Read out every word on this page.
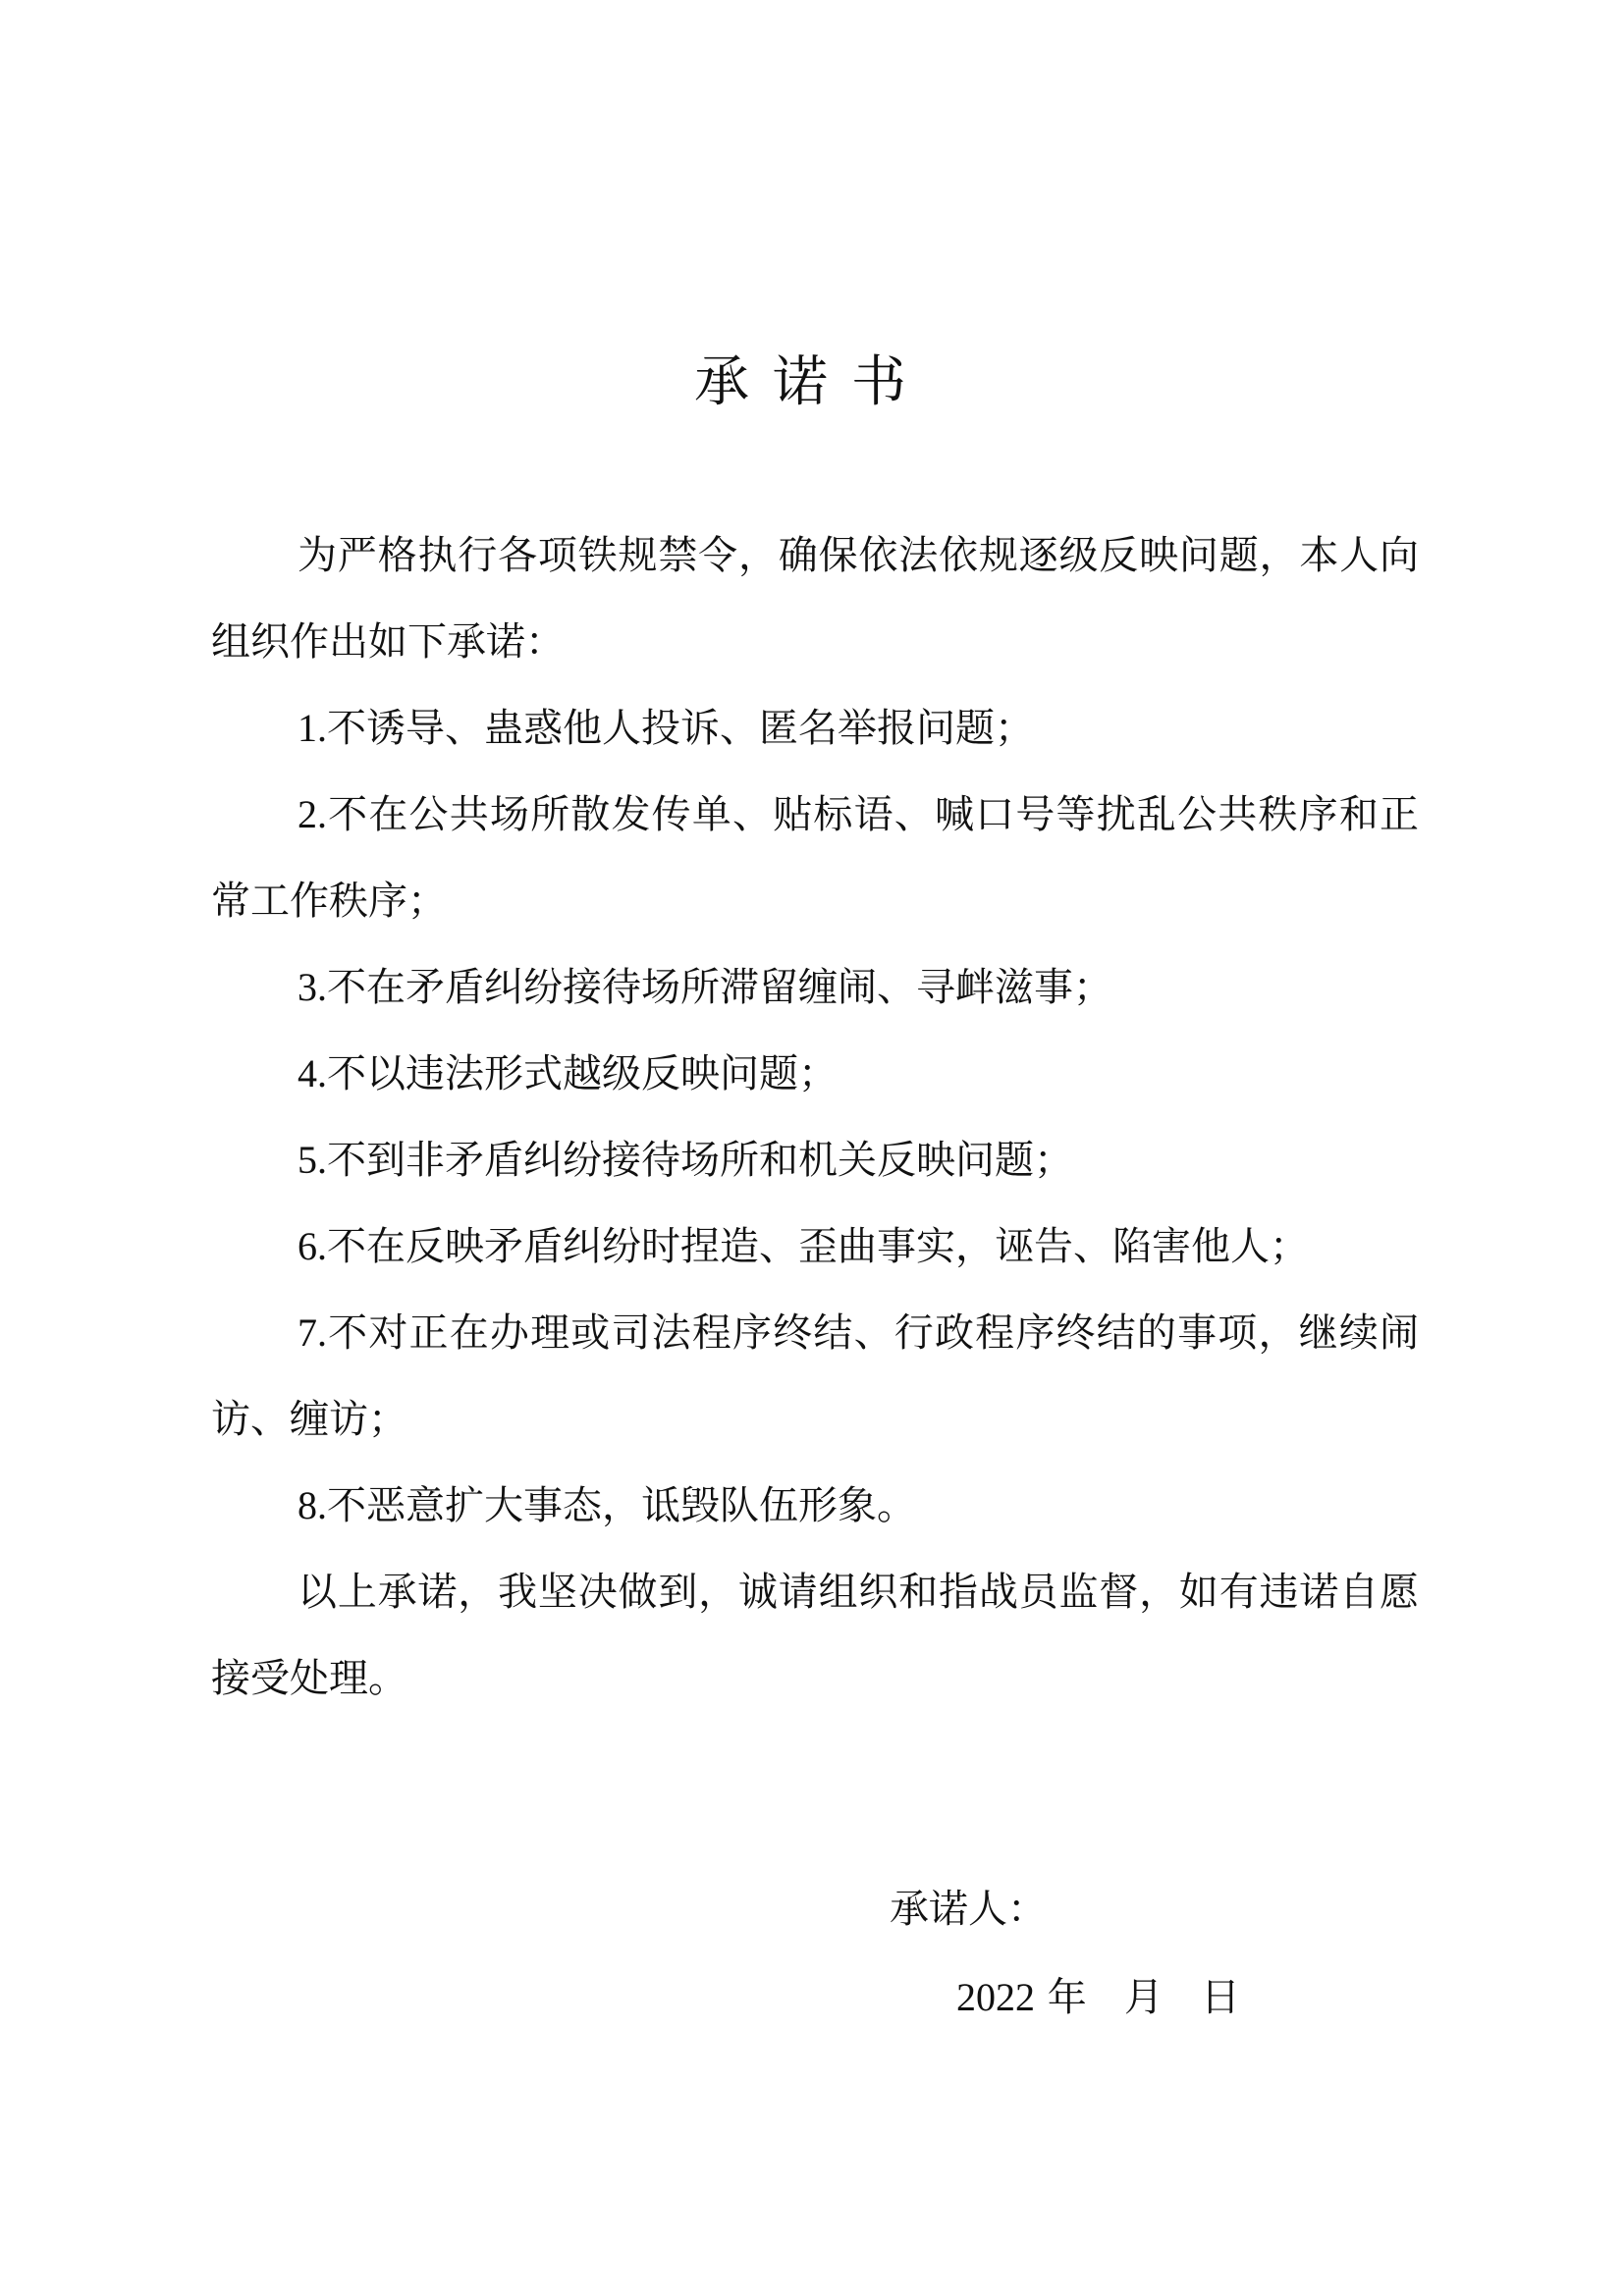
承诺书

为严格执行各项铁规禁令，确保依法依规逐级反映问题，本人向组织作出如下承诺：

1.不诱导、蛊惑他人投诉、匿名举报问题；

2.不在公共场所散发传单、贴标语、喊口号等扰乱公共秩序和正常工作秩序；

3.不在矛盾纠纷接待场所滞留缠闹、寻衅滋事；

4.不以违法形式越级反映问题；

5.不到非矛盾纠纷接待场所和机关反映问题；

6.不在反映矛盾纠纷时捏造、歪曲事实，诬告、陷害他人；

7.不对正在办理或司法程序终结、行政程序终结的事项，继续闹访、缠访；

8.不恶意扩大事态，诋毁队伍形象。

以上承诺，我坚决做到，诚请组织和指战员监督，如有违诺自愿接受处理。

承诺人：
2022 年 月 日
